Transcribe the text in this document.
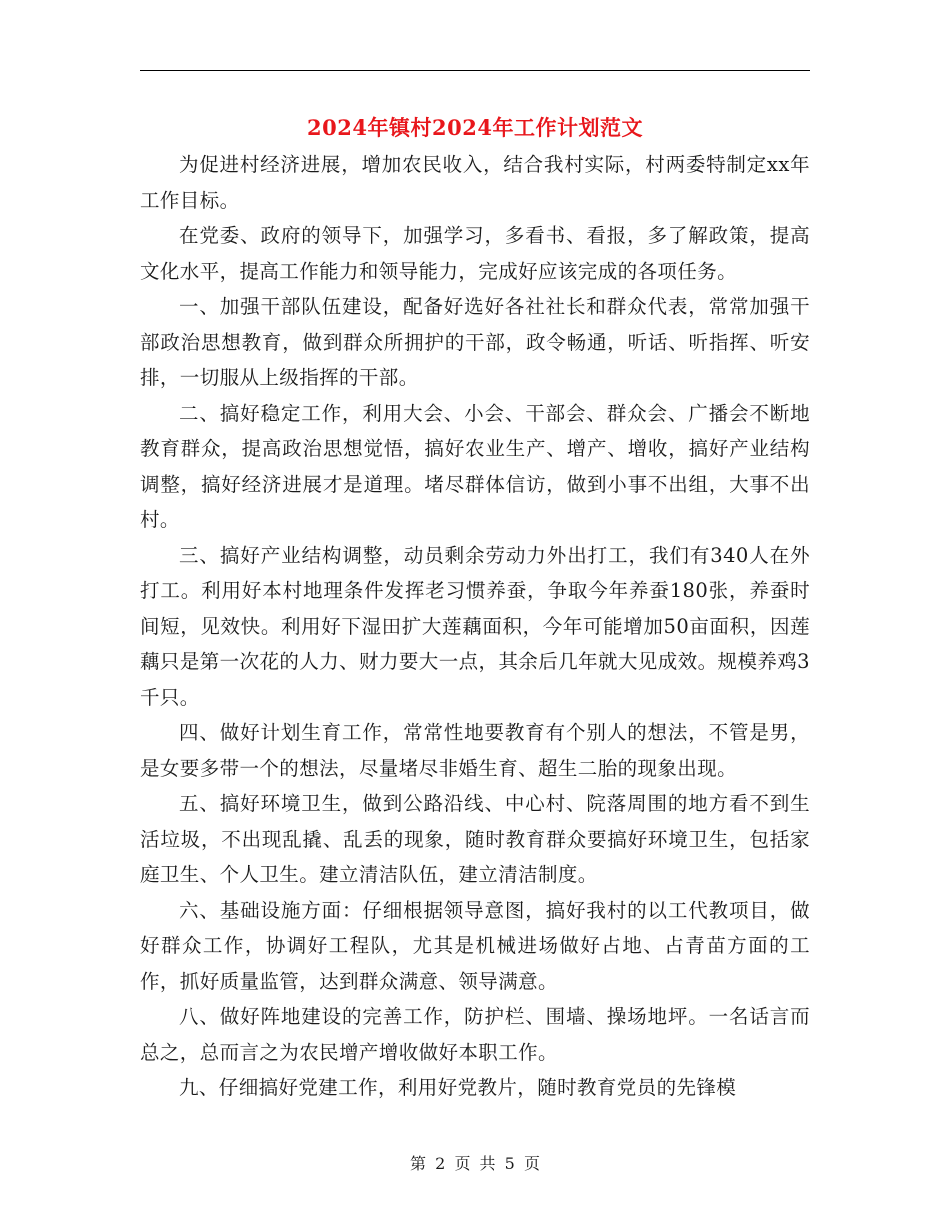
2024年镇村2024年工作计划范文

为促进村经济进展，增加农民收入，结合我村实际，村两委特制定xx年工作目标。

在党委、政府的领导下，加强学习，多看书、看报，多了解政策，提高文化水平，提高工作能力和领导能力，完成好应该完成的各项任务。

一、加强干部队伍建设，配备好选好各社社长和群众代表，常常加强干部政治思想教育，做到群众所拥护的干部，政令畅通，听话、听指挥、听安排，一切服从上级指挥的干部。

二、搞好稳定工作，利用大会、小会、干部会、群众会、广播会不断地教育群众，提高政治思想觉悟，搞好农业生产、增产、增收，搞好产业结构调整，搞好经济进展才是道理。堵尽群体信访，做到小事不出组，大事不出村。

三、搞好产业结构调整，动员剩余劳动力外出打工，我们有340人在外打工。利用好本村地理条件发挥老习惯养蚕，争取今年养蚕180张，养蚕时间短，见效快。利用好下湿田扩大莲藕面积，今年可能增加50亩面积，因莲藕只是第一次花的人力、财力要大一点，其余后几年就大见成效。规模养鸡3千只。

四、做好计划生育工作，常常性地要教育有个别人的想法，不管是男，是女要多带一个的想法，尽量堵尽非婚生育、超生二胎的现象出现。

五、搞好环境卫生，做到公路沿线、中心村、院落周围的地方看不到生活垃圾，不出现乱撬、乱丢的现象，随时教育群众要搞好环境卫生，包括家庭卫生、个人卫生。建立清洁队伍，建立清洁制度。

六、基础设施方面：仔细根据领导意图，搞好我村的以工代教项目，做好群众工作，协调好工程队，尤其是机械进场做好占地、占青苗方面的工作，抓好质量监管，达到群众满意、领导满意。

八、做好阵地建设的完善工作，防护栏、围墙、操场地坪。一名话言而总之，总而言之为农民增产增收做好本职工作。

九、仔细搞好党建工作，利用好党教片，随时教育党员的先锋模

第 2 页 共 5 页
